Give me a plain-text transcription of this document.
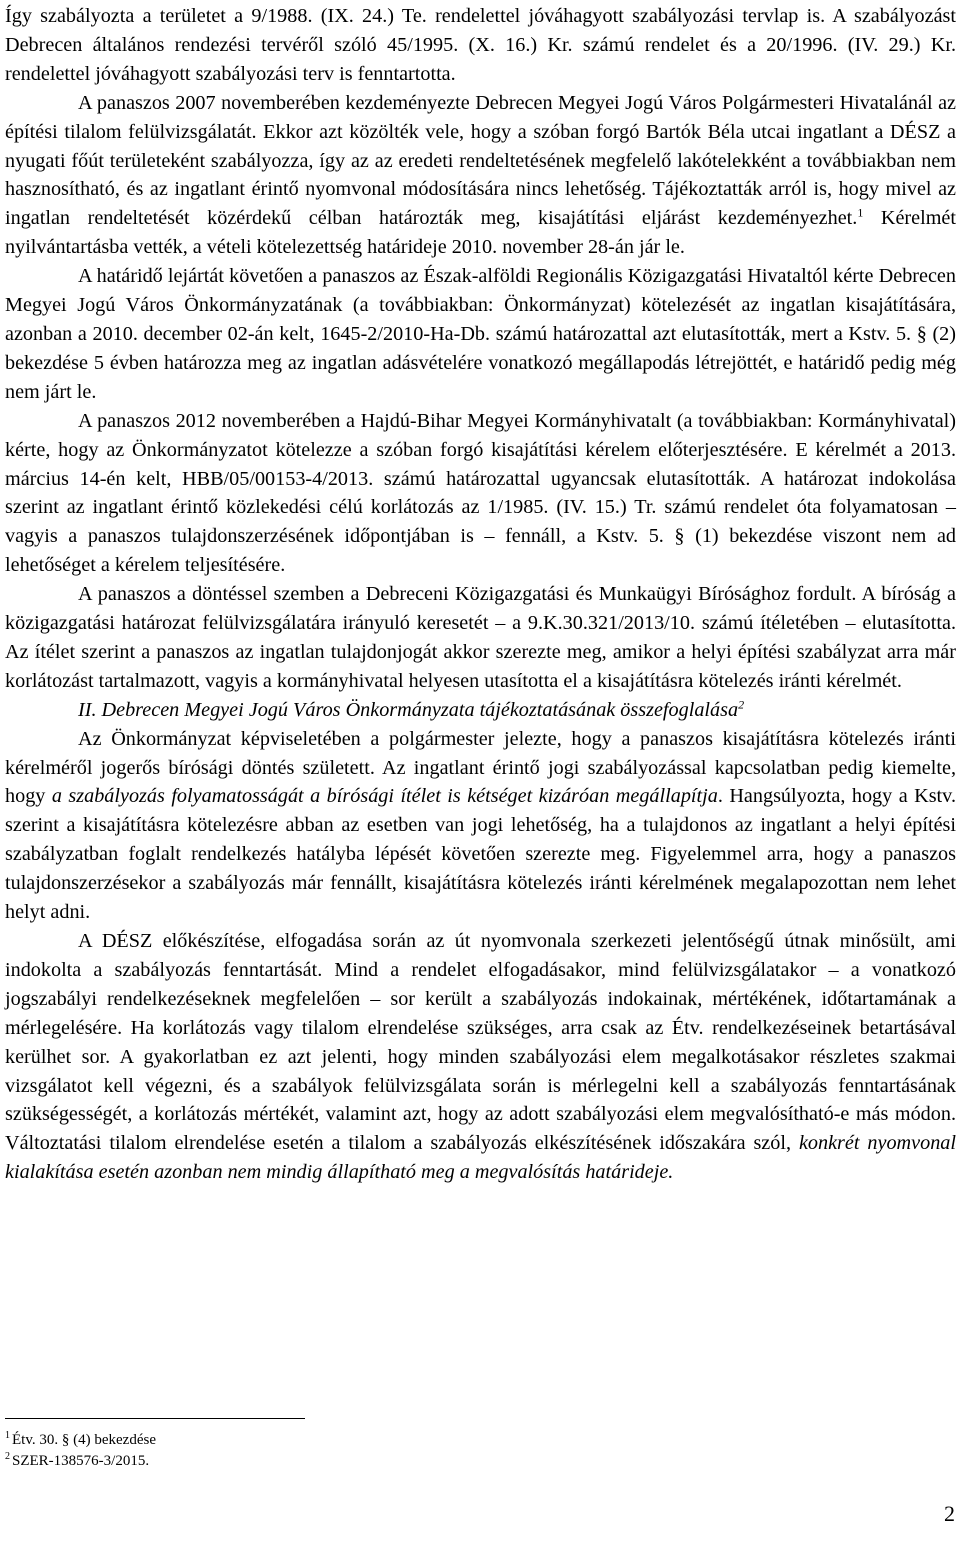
Így szabályozta a területet a 9/1988. (IX. 24.) Te. rendelettel jóváhagyott szabályozási tervlap is. A szabályozást Debrecen általános rendezési tervéről szóló 45/1995. (X. 16.) Kr. számú rendelet és a 20/1996. (IV. 29.) Kr. rendelettel jóváhagyott szabályozási terv is fenntartotta.

A panaszos 2007 novemberében kezdeményezte Debrecen Megyei Jogú Város Polgármesteri Hivatalánál az építési tilalom felülvizsgálatát. Ekkor azt közölték vele, hogy a szóban forgó Bartók Béla utcai ingatlant a DÉSZ a nyugati főút területeként szabályozza, így az az eredeti rendeltetésének megfelelő lakótelekként a továbbiakban nem hasznosítható, és az ingatlant érintő nyomvonal módosítására nincs lehetőség. Tájékoztatták arról is, hogy mivel az ingatlan rendeltetését közérdekű célban határozták meg, kisajátítási eljárást kezdeményezhet.$^1$ Kérelmét nyilvántartásba vették, a vételi kötelezettség határideje 2010. november 28-án jár le.

A határidő lejártát követően a panaszos az Észak-alföldi Regionális Közigazgatási Hivataltól kérte Debrecen Megyei Jogú Város Önkormányzatának (a továbbiakban: Önkormányzat) kötelezését az ingatlan kisajátítására, azonban a 2010. december 02-án kelt, 1645-2/2010-Ha-Db. számú határozattal azt elutasították, mert a Kstv. 5. § (2) bekezdése 5 évben határozza meg az ingatlan adásvételére vonatkozó megállapodás létrejöttét, e határidő pedig még nem járt le.

A panaszos 2012 novemberében a Hajdú-Bihar Megyei Kormányhivatalt (a továbbiakban: Kormányhivatal) kérte, hogy az Önkormányzatot kötelezze a szóban forgó kisajátítási kérelem előterjesztésére. E kérelmét a 2013. március 14-én kelt, HBB/05/00153-4/2013. számú határozattal ugyancsak elutasították. A határozat indokolása szerint az ingatlant érintő közlekedési célú korlátozás az 1/1985. (IV. 15.) Tr. számú rendelet óta folyamatosan – vagyis a panaszos tulajdonszerzésének időpontjában is – fennáll, a Kstv. 5. § (1) bekezdése viszont nem ad lehetőséget a kérelem teljesítésére.

A panaszos a döntéssel szemben a Debreceni Közigazgatási és Munkaügyi Bírósághoz fordult. A bíróság a közigazgatási határozat felülvizsgálatára irányuló keresetét – a 9.K.30.321/2013/10. számú ítéletében – elutasította. Az ítélet szerint a panaszos az ingatlan tulajdonjogát akkor szerezte meg, amikor a helyi építési szabályzat arra már korlátozást tartalmazott, vagyis a kormányhivatal helyesen utasította el a kisajátításra kötelezés iránti kérelmét.

II. Debrecen Megyei Jogú Város Önkormányzata tájékoztatásának összefoglalása$^2$

Az Önkormányzat képviseletében a polgármester jelezte, hogy a panaszos kisajátításra kötelezés iránti kérelméről jogerős bírósági döntés született. Az ingatlant érintő jogi szabályozással kapcsolatban pedig kiemelte, hogy a szabályozás folyamatosságát a bírósági ítélet is kétséget kizáróan megállapítja. Hangsúlyozta, hogy a Kstv. szerint a kisajátításra kötelezésre abban az esetben van jogi lehetőség, ha a tulajdonos az ingatlant a helyi építési szabályzatban foglalt rendelkezés hatályba lépését követően szerezte meg. Figyelemmel arra, hogy a panaszos tulajdonszerzésekor a szabályozás már fennállt, kisajátításra kötelezés iránti kérelmének megalapozottan nem lehet helyt adni.

A DÉSZ előkészítése, elfogadása során az út nyomvonala szerkezeti jelentőségű útnak minősült, ami indokolta a szabályozás fenntartását. Mind a rendelet elfogadásakor, mind felülvizsgálatakor – a vonatkozó jogszabályi rendelkezéseknek megfelelően – sor került a szabályozás indokainak, mértékének, időtartamának a mérlegelésére. Ha korlátozás vagy tilalom elrendelése szükséges, arra csak az Étv. rendelkezéseinek betartásával kerülhet sor. A gyakorlatban ez azt jelenti, hogy minden szabályozási elem megalkotásakor részletes szakmai vizsgálatot kell végezni, és a szabályok felülvizsgálata során is mérlegelni kell a szabályozás fenntartásának szükségességét, a korlátozás mértékét, valamint azt, hogy az adott szabályozási elem megvalósítható-e más módon. Változtatási tilalom elrendelése esetén a tilalom a szabályozás elkészítésének időszakára szól, konkrét nyomvonal kialakítása esetén azonban nem mindig állapítható meg a megvalósítás határideje.

$^1$ Étv. 30. § (4) bekezdése
$^2$ SZER-138576-3/2015.
2
